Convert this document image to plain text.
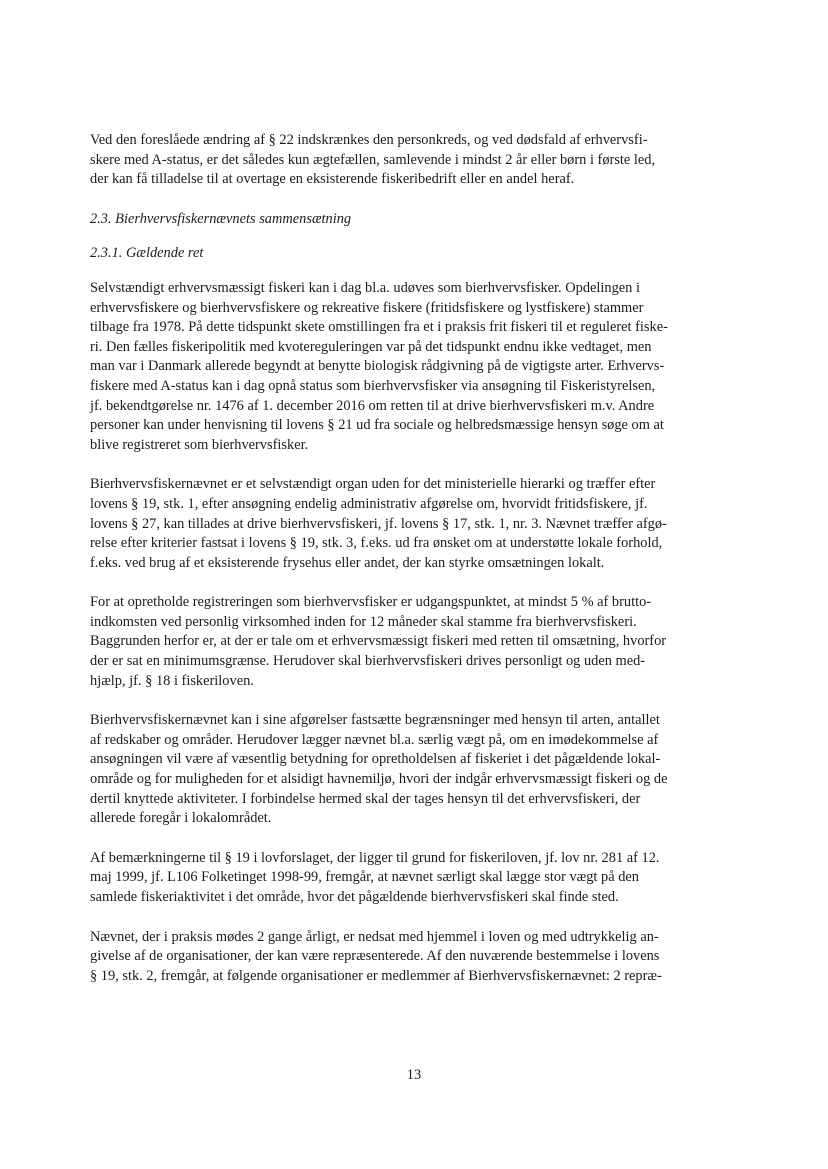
Ved den foreslåede ændring af § 22 indskrænkes den personkreds, og ved dødsfald af erhvervsfi-
skere med A-status, er det således kun ægtefællen, samlevende i mindst 2 år eller børn i første led,
der kan få tilladelse til at overtage en eksisterende fiskeribedrift eller en andel heraf.

2.3. Bierhvervsfiskernævnets sammensætning

2.3.1. Gældende ret

Selvstændigt erhvervsmæssigt fiskeri kan i dag bl.a. udøves som bierhvervsfisker. Opdelingen i
erhvervsfiskere og bierhvervsfiskere og rekreative fiskere (fritidsfiskere og lystfiskere) stammer
tilbage fra 1978. På dette tidspunkt skete omstillingen fra et i praksis frit fiskeri til et reguleret fiske-
ri. Den fælles fiskeripolitik med kvotereguleringen var på det tidspunkt endnu ikke vedtaget, men
man var i Danmark allerede begyndt at benytte biologisk rådgivning på de vigtigste arter. Erhvervs-
fiskere med A-status kan i dag opnå status som bierhvervsfisker via ansøgning til Fiskeristyrelsen,
jf. bekendtgørelse nr. 1476 af 1. december 2016 om retten til at drive bierhvervsfiskeri m.v. Andre
personer kan under henvisning til lovens § 21 ud fra sociale og helbredsmæssige hensyn søge om at
blive registreret som bierhvervsfisker.

Bierhvervsfiskernævnet er et selvstændigt organ uden for det ministerielle hierarki og træffer efter
lovens § 19, stk. 1, efter ansøgning endelig administrativ afgørelse om, hvorvidt fritidsfiskere, jf.
lovens § 27, kan tillades at drive bierhvervsfiskeri, jf. lovens § 17, stk. 1, nr. 3. Nævnet træffer afgø-
relse efter kriterier fastsat i lovens § 19, stk. 3, f.eks. ud fra ønsket om at understøtte lokale forhold,
f.eks. ved brug af et eksisterende frysehus eller andet, der kan styrke omsætningen lokalt.

For at opretholde registreringen som bierhvervsfisker er udgangspunktet, at mindst 5 % af brutto-
indkomsten ved personlig virksomhed inden for 12 måneder skal stamme fra bierhvervsfiskeri.
Baggrunden herfor er, at der er tale om et erhvervsmæssigt fiskeri med retten til omsætning, hvorfor
der er sat en minimumsgrænse. Herudover skal bierhvervsfiskeri drives personligt og uden med-
hjælp, jf. § 18 i fiskeriloven.

Bierhvervsfiskernævnet kan i sine afgørelser fastsætte begrænsninger med hensyn til arten, antallet
af redskaber og områder. Herudover lægger nævnet bl.a. særlig vægt på, om en imødekommelse af
ansøgningen vil være af væsentlig betydning for opretholdelsen af fiskeriet i det pågældende lokal-
område og for muligheden for et alsidigt havnemiljø, hvori der indgår erhvervsmæssigt fiskeri og de
dertil knyttede aktiviteter. I forbindelse hermed skal der tages hensyn til det erhvervsfiskeri, der
allerede foregår i lokalområdet.

Af bemærkningerne til § 19 i lovforslaget, der ligger til grund for fiskeriloven, jf. lov nr. 281 af 12.
maj 1999, jf. L106 Folketinget 1998-99, fremgår, at nævnet særligt skal lægge stor vægt på den
samlede fiskeriaktivitet i det område, hvor det pågældende bierhvervsfiskeri skal finde sted.

Nævnet, der i praksis mødes 2 gange årligt, er nedsat med hjemmel i loven og med udtrykkelig an-
givelse af de organisationer, der kan være repræsenterede. Af den nuværende bestemmelse i lovens
§ 19, stk. 2, fremgår, at følgende organisationer er medlemmer af Bierhvervsfiskernævnet: 2 repræ-

13
